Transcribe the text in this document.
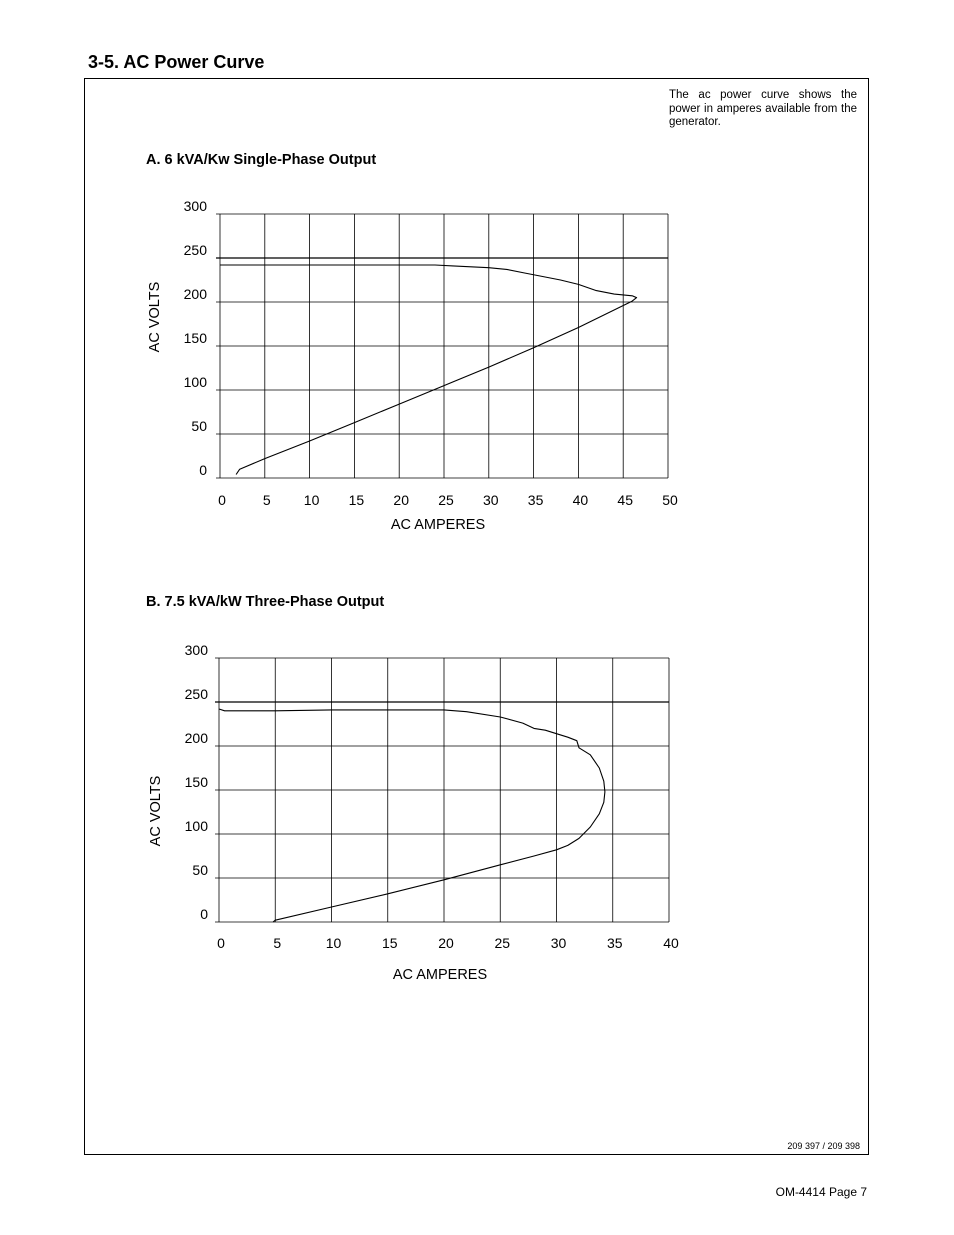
3-5. AC Power Curve
The ac power curve shows the power in amperes available from the generator.
A. 6 kVA/Kw Single-Phase Output
B. 7.5 kVA/kW Three-Phase Output
0
50
100
150
200
250
300
0	5 10 15 20 25 30 35 40 45 50
AC AMPERES
AC VOLTS
0
50
100
150
200
250
300
0	5	10	15	20	25	30	35	40
AC AMPERES
AC VOLTS
209 397 / 209 398
OM-4414 Page 7
